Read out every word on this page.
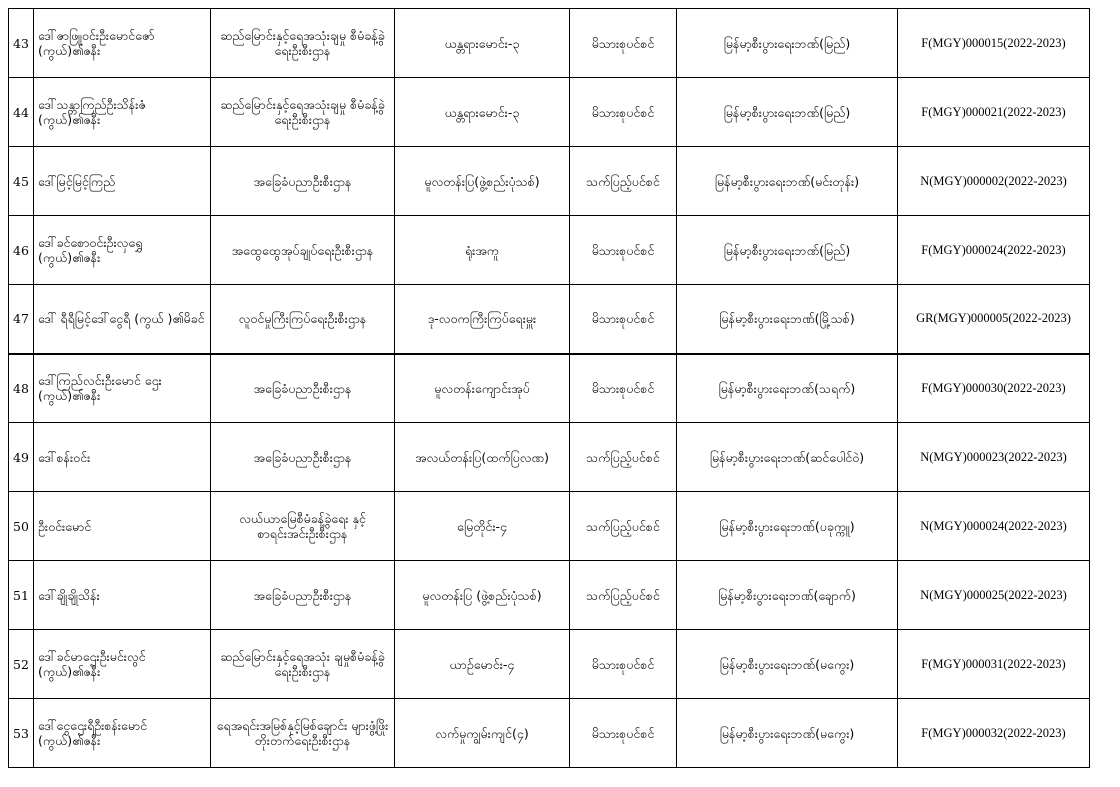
43	ဒေါ်ဇာဖြူဝင်းဦးမောင်ဇော် (ကွယ်)၏ဇနီး	ဆည်မြောင်းနှင့်ရေအသုံးချမှု စီမံခန့်ခွဲရေးဦးစီးဌာန	ယန္တရားမောင်း-၃	မိသားစုပင်စင်	မြန်မာ့စီးပွားရေးဘဏ်(မြည်)	F(MGY)000015(2022-2023)
44	ဒေါ်သန္တာကြည်ဦးသိန်းဇံ (ကွယ်)၏ဇနီး	ဆည်မြောင်းနှင့်ရေအသုံးချမှု စီမံခန့်ခွဲရေးဦးစီးဌာန	ယန္တရားမောင်း-၃	မိသားစုပင်စင်	မြန်မာ့စီးပွားရေးဘဏ်(မြည်)	F(MGY)000021(2022-2023)
45	ဒေါ်မြင့်မြင့်ကြည်	အခြေခံပညာဦးစီးဌာန	မူလတန်းပြ(ဖွဲ့စည်းပုံသစ်)	သက်ပြည့်ပင်စင်	မြန်မာ့စီးပွားရေးဘဏ်(မင်းတုန်း)	N(MGY)000002(2022-2023)
46	ဒေါ်ခင်စောဝင်းဦးလှရွှေ (ကွယ်)၏ဇနီး	အထွေထွေအုပ်ချုပ်ရေးဦးစီးဌာန	ရုံးအကူ	မိသားစုပင်စင်	မြန်မာ့စီးပွားရေးဘဏ်(မြည်)	F(MGY)000024(2022-2023)
47	ဒေါ် ရီရီမြင့်ဒေါ်ငွေရီ (ကွယ် )၏မိခင်	လူဝင်မှုကြီးကြပ်ရေးဦးစီးဌာန	ဒု-လဝကကြီးကြပ်ရေးမှူး	မိသားစုပင်စင်	မြန်မာ့စီးပွားရေးဘဏ်(မြို့သစ်)	GR(MGY)000005(2022-2023)
48	ဒေါ်ကြည်လင်းဦးမောင် ဌေး (ကွယ်)၏ဇနီး	အခြေခံပညာဦးစီးဌာန	မူလတန်းကျောင်းအုပ်	မိသားစုပင်စင်	မြန်မာ့စီးပွားရေးဘဏ်(သရက်)	F(MGY)000030(2022-2023)
49	ဒေါ်စန်းဝင်း	အခြေခံပညာဦးစီးဌာန	အလယ်တန်းပြ(ထက်ပြလဏ)	သက်ပြည့်ပင်စင်	မြန်မာ့စီးပွားရေးဘဏ်(ဆင်ပေါင်ဝဲ)	N(MGY)000023(2022-2023)
50	ဦးဝင်းမောင်	လယ်ယာမြေစီမံခန့်ခွဲရေး နှင့်စာရင်းအင်းဦးစီးဌာန	မြေတိုင်း-၄	သက်ပြည့်ပင်စင်	မြန်မာ့စီးပွားရေးဘဏ်(ပခုက္ကူ)	N(MGY)000024(2022-2023)
51	ဒေါ်ချိုချိုသိန်း	အခြေခံပညာဦးစီးဌာန	မူလတန်းပြ (ဖွဲ့စည်းပုံသစ်)	သက်ပြည့်ပင်စင်	မြန်မာ့စီးပွားရေးဘဏ်(ချောက်)	N(MGY)000025(2022-2023)
52	ဒေါ်ခင်မာဌေးဦးမင်းလွင် (ကွယ်)၏ဇနီး	ဆည်မြောင်းနှင့်ရေအသုံး ချမှုစီမံခန့်ခွဲရေးဦးစီးဌာန	ယာဉ်မောင်း-၄	မိသားစုပင်စင်	မြန်မာ့စီးပွားရေးဘဏ်(မကွေး)	F(MGY)000031(2022-2023)
53	ဒေါ်ငွေဌေးရီဦးစန်းမောင် (ကွယ်)၏ဇနီး	ရေအရင်းအမြစ်နှင့်မြစ်ချောင်း များဖွံ့ဖြိုးတိုးတက်ရေးဦးစီးဌာန	လက်မှုကျွမ်းကျင်(၄)	မိသားစုပင်စင်	မြန်မာ့စီးပွားရေးဘဏ်(မကွေး)	F(MGY)000032(2022-2023)
